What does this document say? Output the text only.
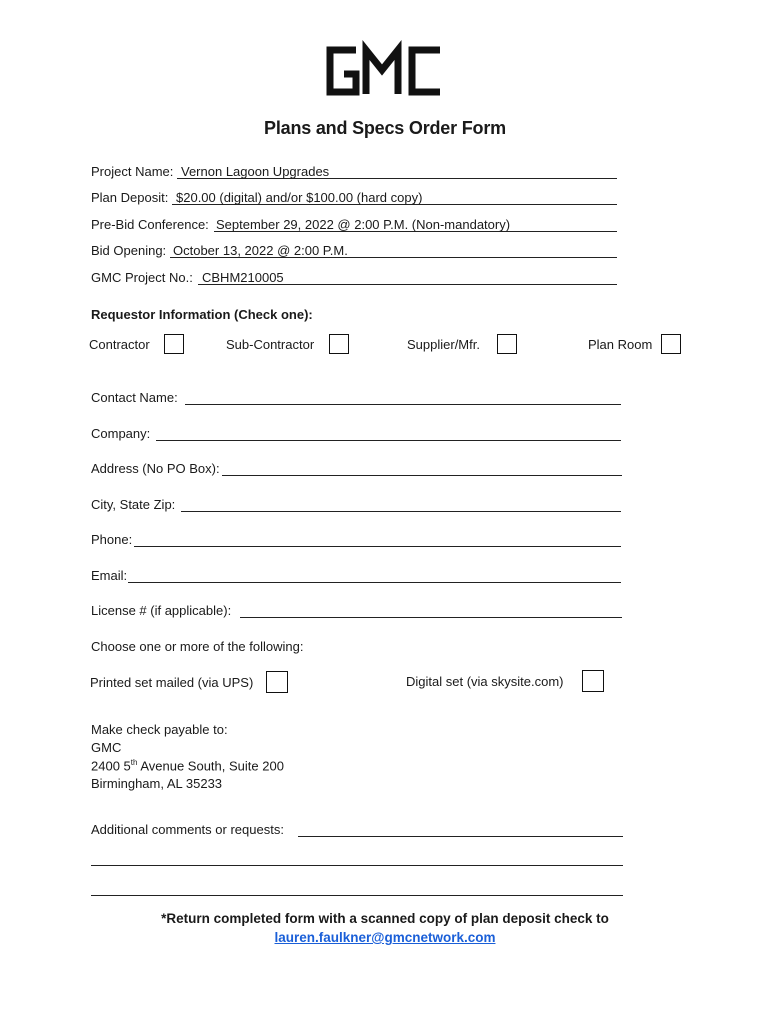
Plans and Specs Order Form
Project Name: Vernon Lagoon Upgrades
Plan Deposit: $20.00 (digital) and/or $100.00 (hard copy)
Pre-Bid Conference: September 29, 2022 @ 2:00 P.M. (Non-mandatory)
Bid Opening: October 13, 2022 @ 2:00 P.M.
GMC Project No.: CBHM210005
Requestor Information (Check one):
Contractor	Sub-Contractor	Supplier/Mfr.	Plan Room
Contact Name:
Company:
Address (No PO Box):
City, State Zip:
Phone:
Email:
License # (if applicable):
Choose one or more of the following:
Printed set mailed (via UPS)	Digital set (via skysite.com)
Make check payable to:
GMC
2400 5th Avenue South, Suite 200
Birmingham, AL 35233
Additional comments or requests:
*Return completed form with a scanned copy of plan deposit check to
lauren.faulkner@gmcnetwork.com
